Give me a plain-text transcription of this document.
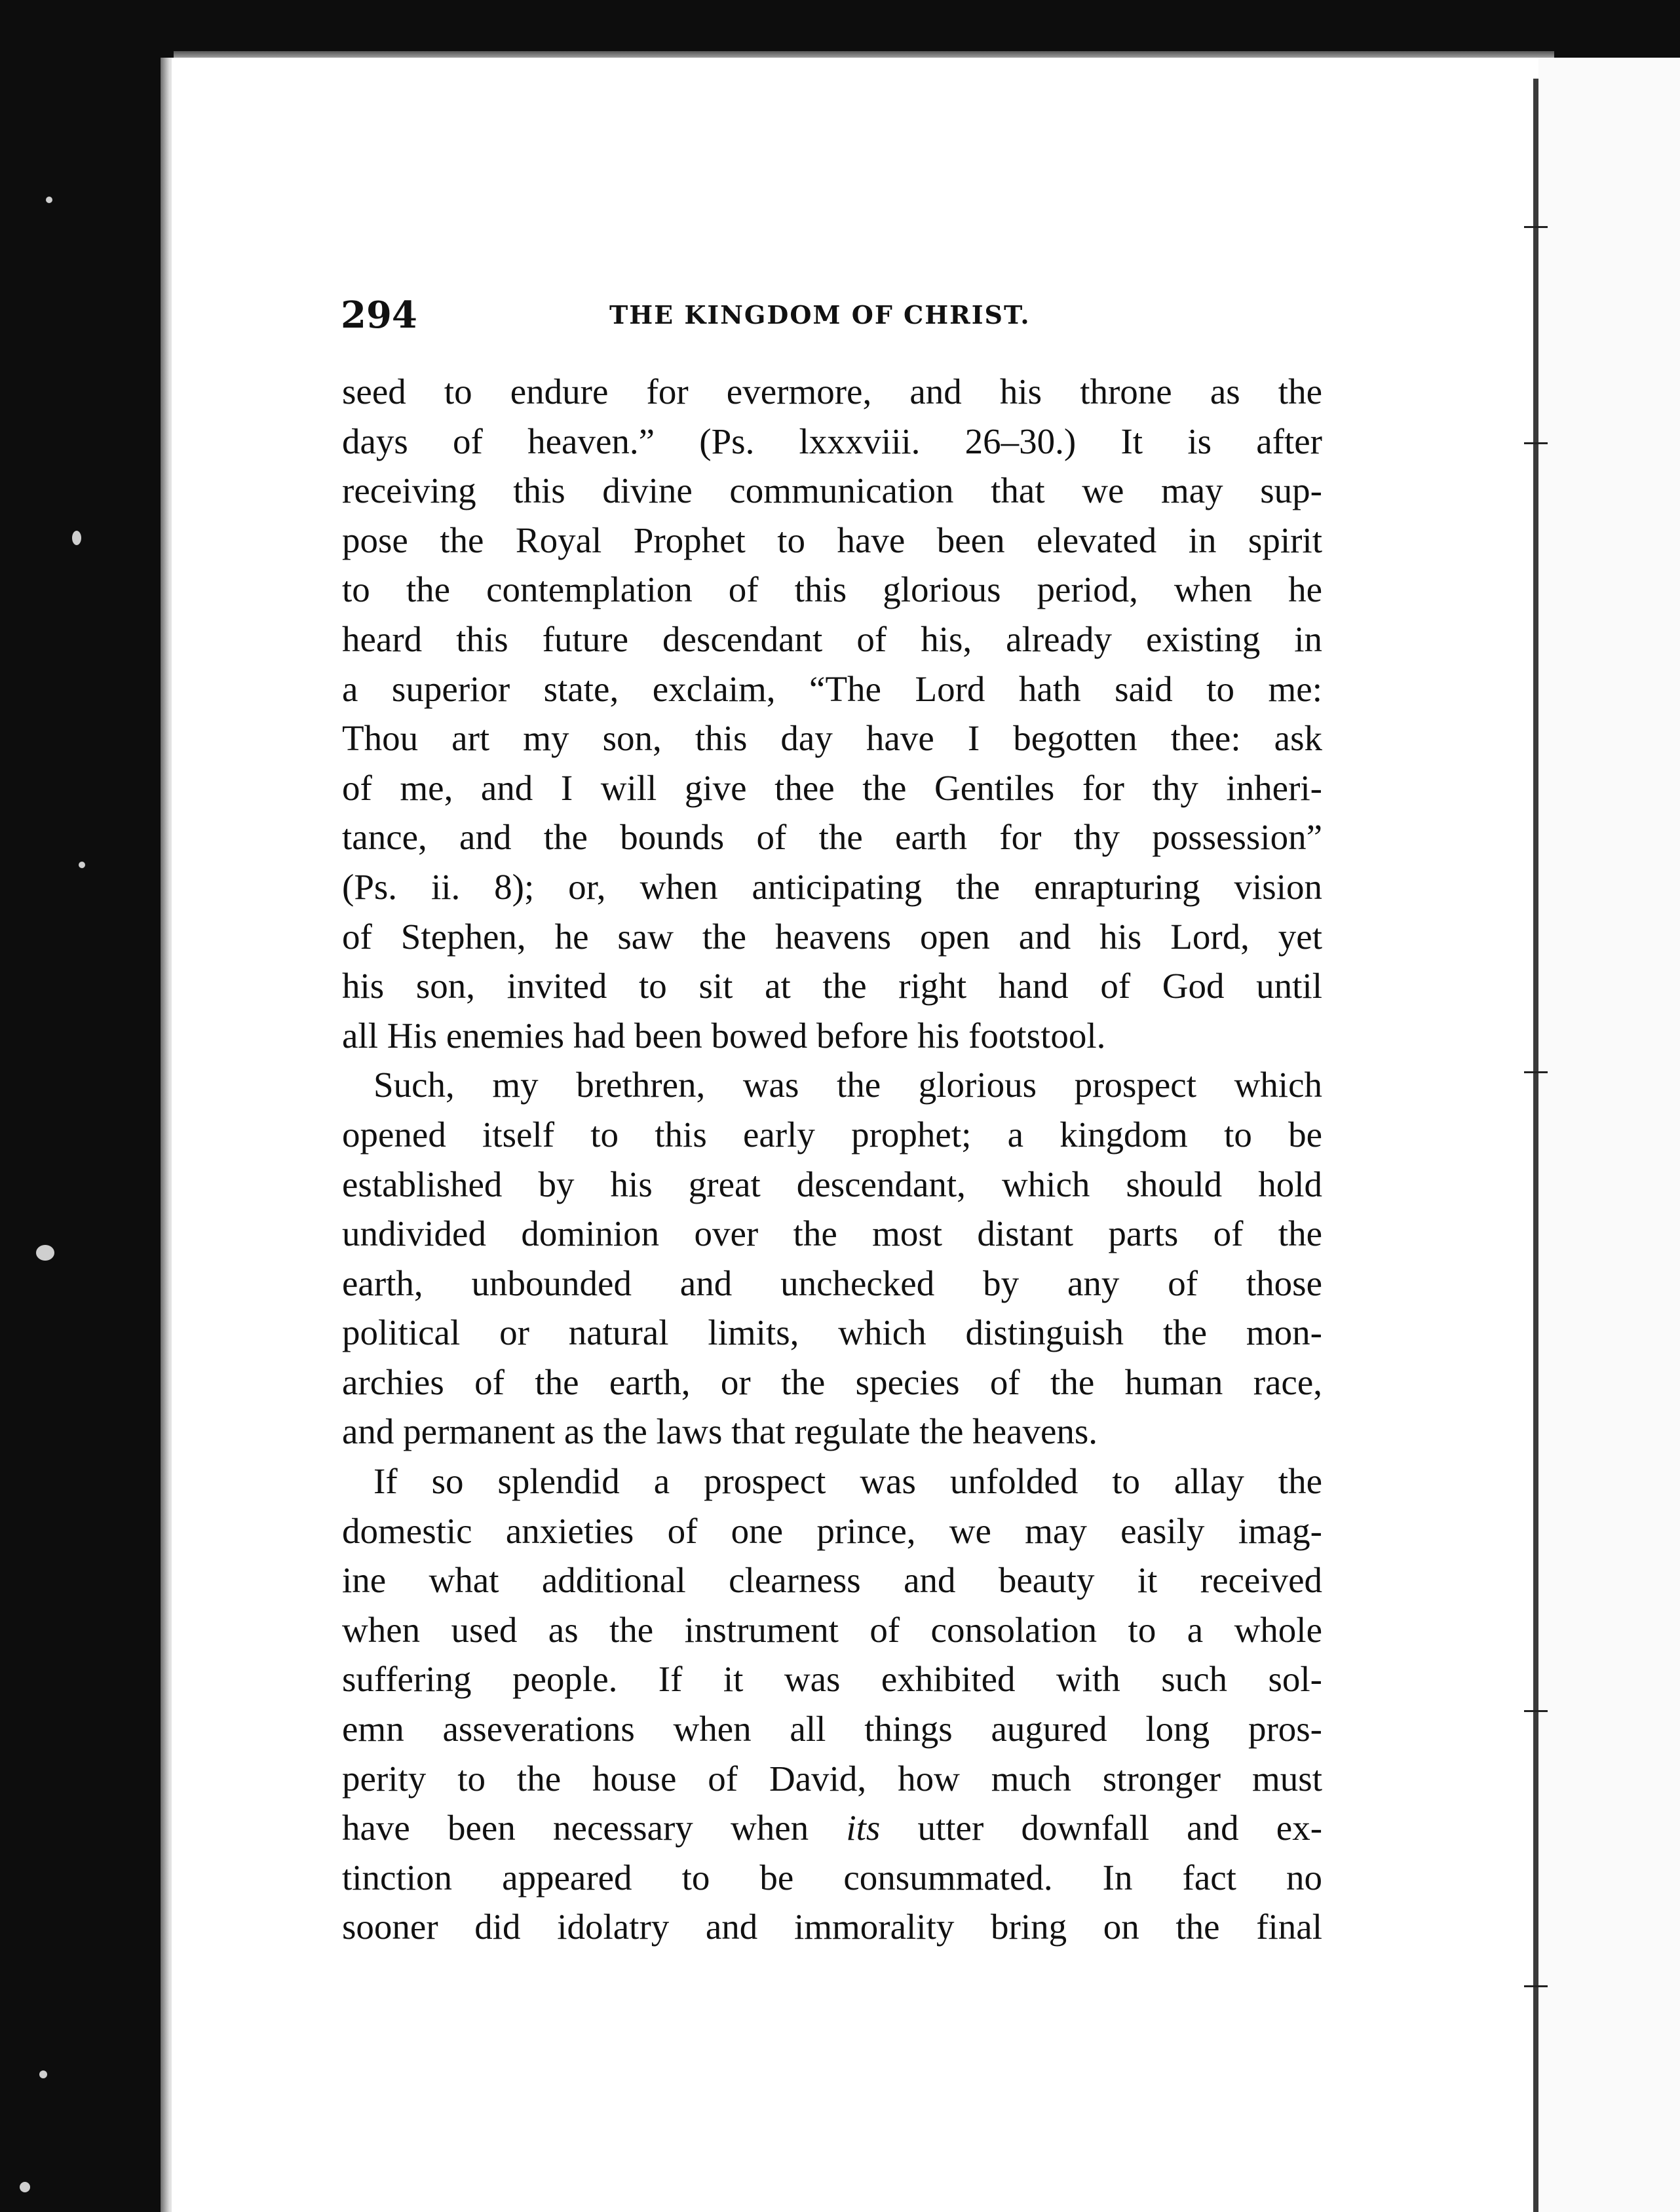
294	THE KINGDOM OF CHRIST.
seed to endure for evermore, and his throne as the
days of heaven.” (Ps. lxxxviii. 26–30.) It is after
receiving this divine communication that we may sup-
pose the Royal Prophet to have been elevated in spirit
to the contemplation of this glorious period, when he
heard this future descendant of his, already existing in
a superior state, exclaim, “The Lord hath said to me:
Thou art my son, this day have I begotten thee: ask
of me, and I will give thee the Gentiles for thy inheri-
tance, and the bounds of the earth for thy possession”
(Ps. ii. 8); or, when anticipating the enrapturing vision
of Stephen, he saw the heavens open and his Lord, yet
his son, invited to sit at the right hand of God until
all His enemies had been bowed before his footstool.
Such, my brethren, was the glorious prospect which
opened itself to this early prophet; a kingdom to be
established by his great descendant, which should hold
undivided dominion over the most distant parts of the
earth, unbounded and unchecked by any of those
political or natural limits, which distinguish the mon-
archies of the earth, or the species of the human race,
and permanent as the laws that regulate the heavens.
If so splendid a prospect was unfolded to allay the
domestic anxieties of one prince, we may easily imag-
ine what additional clearness and beauty it received
when used as the instrument of consolation to a whole
suffering people. If it was exhibited with such sol-
emn asseverations when all things augured long pros-
perity to the house of David, how much stronger must
have been necessary when its utter downfall and ex-
tinction appeared to be consummated. In fact no
sooner did idolatry and immorality bring on the final
